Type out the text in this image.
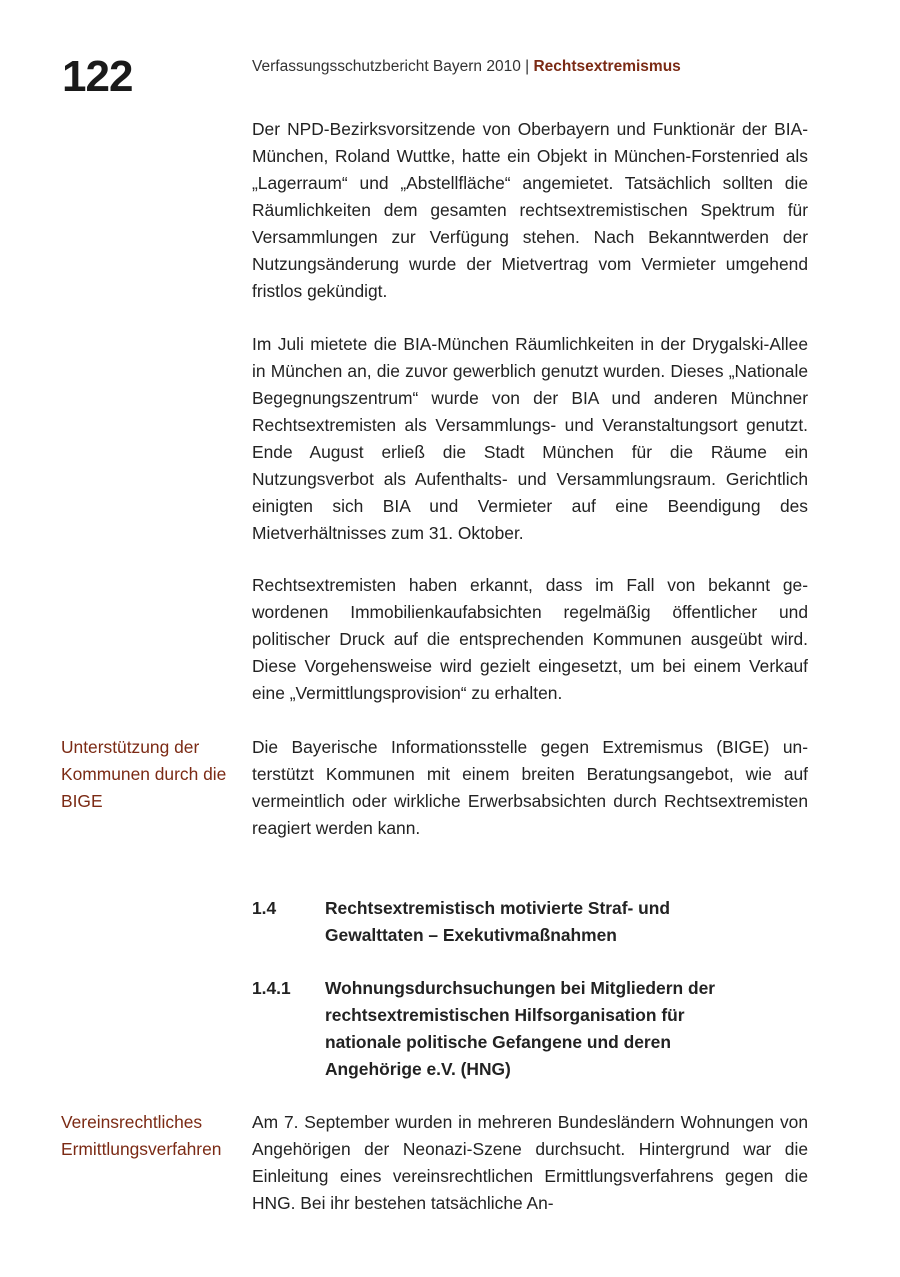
122	Verfassungsschutzbericht Bayern 2010 | Rechtsextremismus

Der NPD-Bezirksvorsitzende von Oberbayern und Funktionär der BIA-München, Roland Wuttke, hatte ein Objekt in München-Forstenried als „Lagerraum“ und „Abstellfläche“ angemietet. Tatsächlich sollten die Räumlichkeiten dem gesamten rechtsextremistischen Spektrum für Versammlungen zur Verfügung stehen. Nach Bekanntwerden der Nutzungsänderung wurde der Mietvertrag vom Vermieter umgehend fristlos gekündigt.

Im Juli mietete die BIA-München Räumlichkeiten in der Drygalski-Allee in München an, die zuvor gewerblich genutzt wurden. Dieses „Nationale Begegnungszentrum“ wurde von der BIA und anderen Münchner Rechtsextremisten als Versammlungs- und Veranstaltungsort genutzt. Ende August erließ die Stadt München für die Räume ein Nutzungsverbot als Aufenthalts- und Versammlungsraum. Gerichtlich einigten sich BIA und Vermieter auf eine Beendigung des Mietverhältnisses zum 31. Oktober.

Rechtsextremisten haben erkannt, dass im Fall von bekannt gewordenen Immobilienkaufabsichten regelmäßig öffentlicher und politischer Druck auf die entsprechenden Kommunen ausgeübt wird. Diese Vorgehensweise wird gezielt eingesetzt, um bei einem Verkauf eine „Vermittlungsprovision“ zu erhalten.

Unterstützung der Kommunen durch die BIGE

Die Bayerische Informationsstelle gegen Extremismus (BIGE) unterstützt Kommunen mit einem breiten Beratungsangebot, wie auf vermeintlich oder wirkliche Erwerbsabsichten durch Rechtsextremisten reagiert werden kann.

1.4	Rechtsextremistisch motivierte Straf- und Gewalttaten – Exekutivmaßnahmen
1.4.1 Wohnungsdurchsuchungen bei Mitgliedern der rechtsextremistischen Hilfsorganisation für nationale politische Gefangene und deren Angehörige e.V. (HNG)

Vereinsrechtliches Ermittlungsverfahren

Am 7. September wurden in mehreren Bundesländern Wohnungen von Angehörigen der Neonazi-Szene durchsucht. Hintergrund war die Einleitung eines vereinsrechtlichen Ermittlungsverfahrens gegen die HNG. Bei ihr bestehen tatsächliche An-
